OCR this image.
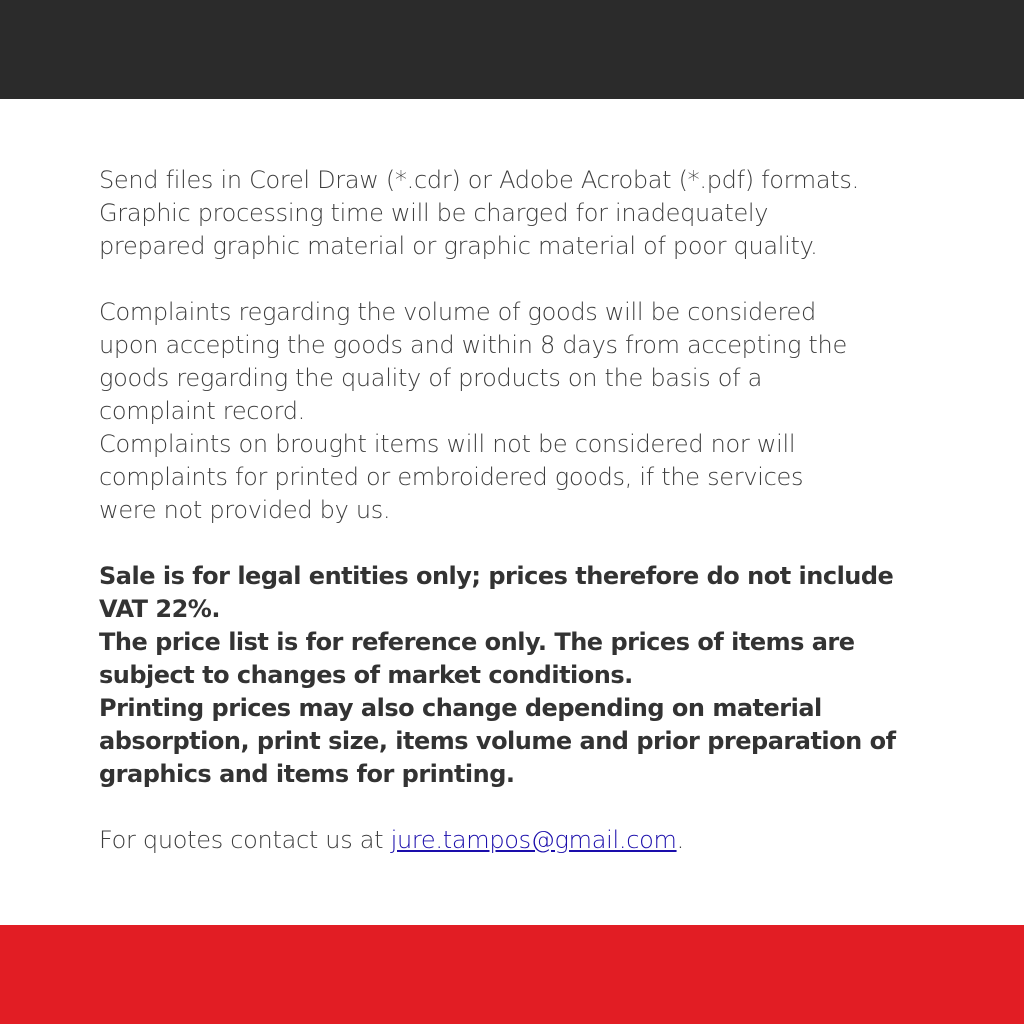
Send files in Corel Draw (*.cdr) or Adobe Acrobat (*.pdf) formats.
Graphic processing time will be charged for inadequately
prepared graphic material or graphic material of poor quality.

Complaints regarding the volume of goods will be considered
upon accepting the goods and within 8 days from accepting the
goods regarding the quality of products on the basis of a
complaint record.
Complaints on brought items will not be considered nor will
complaints for printed or embroidered goods, if the services
were not provided by us.

Sale is for legal entities only; prices therefore do not include
VAT 22%.
The price list is for reference only. The prices of items are
subject to changes of market conditions.
Printing prices may also change depending on material
absorption, print size, items volume and prior preparation of
graphics and items for printing.

For quotes contact us at jure.tampos@gmail.com.
